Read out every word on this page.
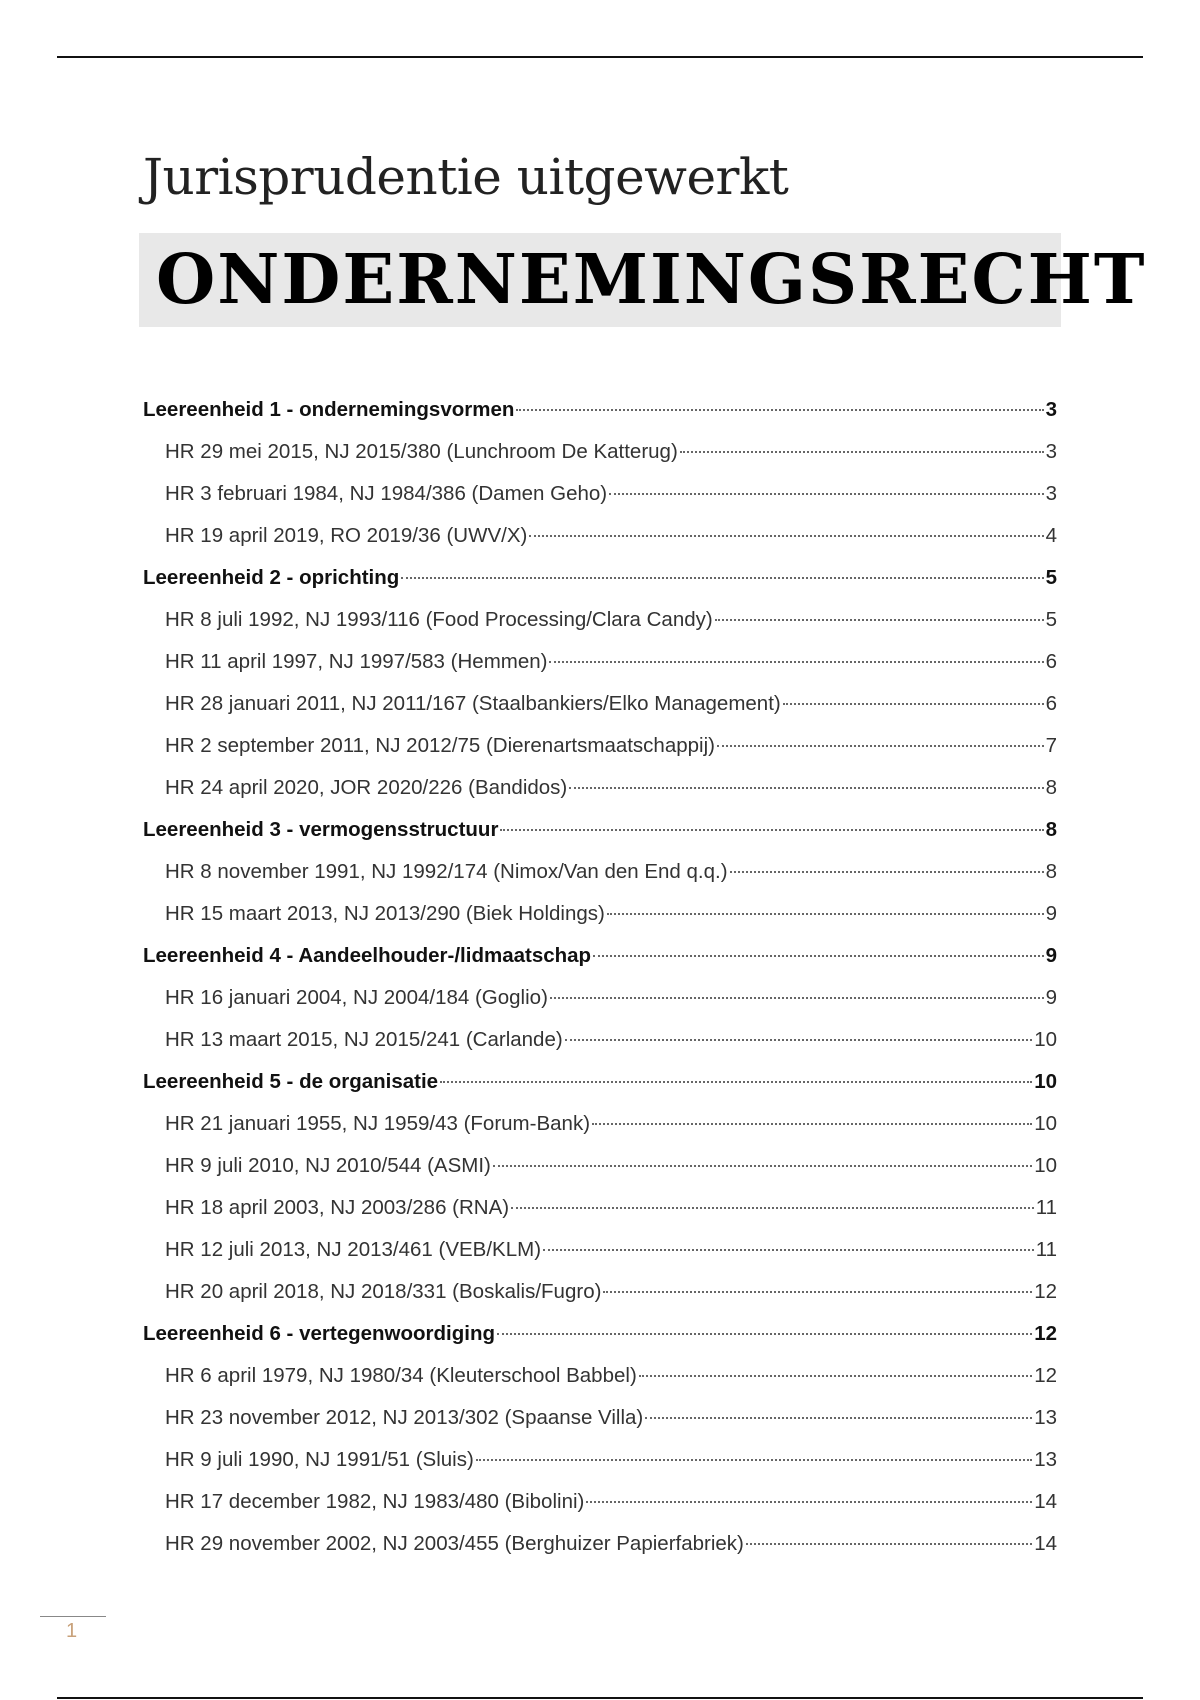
Jurisprudentie uitgewerkt
ONDERNEMINGSRECHT
Leereenheid 1 - ondernemingsvormen	3
HR 29 mei 2015, NJ 2015/380 (Lunchroom De Katterug)	3
HR 3 februari 1984, NJ 1984/386 (Damen Geho)	3
HR 19 april 2019, RO 2019/36 (UWV/X)	4
Leereenheid 2 - oprichting	5
HR 8 juli 1992, NJ 1993/116 (Food Processing/Clara Candy)	5
HR 11 april 1997, NJ 1997/583 (Hemmen)	6
HR 28 januari 2011, NJ 2011/167 (Staalbankiers/Elko Management)	6
HR 2 september 2011, NJ 2012/75 (Dierenartsmaatschappij)	7
HR 24 april 2020, JOR 2020/226 (Bandidos)	8
Leereenheid 3 - vermogensstructuur	8
HR 8 november 1991, NJ 1992/174 (Nimox/Van den End q.q.)	8
HR 15 maart 2013, NJ 2013/290 (Biek Holdings)	9
Leereenheid 4 - Aandeelhouder-/lidmaatschap	9
HR 16 januari 2004, NJ 2004/184 (Goglio)	9
HR 13 maart 2015, NJ 2015/241 (Carlande)	10
Leereenheid 5 - de organisatie	10
HR 21 januari 1955, NJ 1959/43 (Forum-Bank)	10
HR 9 juli 2010, NJ 2010/544 (ASMI)	10
HR 18 april 2003, NJ 2003/286 (RNA)	11
HR 12 juli 2013, NJ 2013/461 (VEB/KLM)	11
HR 20 april 2018, NJ 2018/331 (Boskalis/Fugro)	12
Leereenheid 6 - vertegenwoordiging	12
HR 6 april 1979, NJ 1980/34 (Kleuterschool Babbel)	12
HR 23 november 2012, NJ 2013/302 (Spaanse Villa)	13
HR 9 juli 1990, NJ 1991/51 (Sluis)	13
HR 17 december 1982, NJ 1983/480 (Bibolini)	14
HR 29 november 2002, NJ 2003/455 (Berghuizer Papierfabriek)	14
1
